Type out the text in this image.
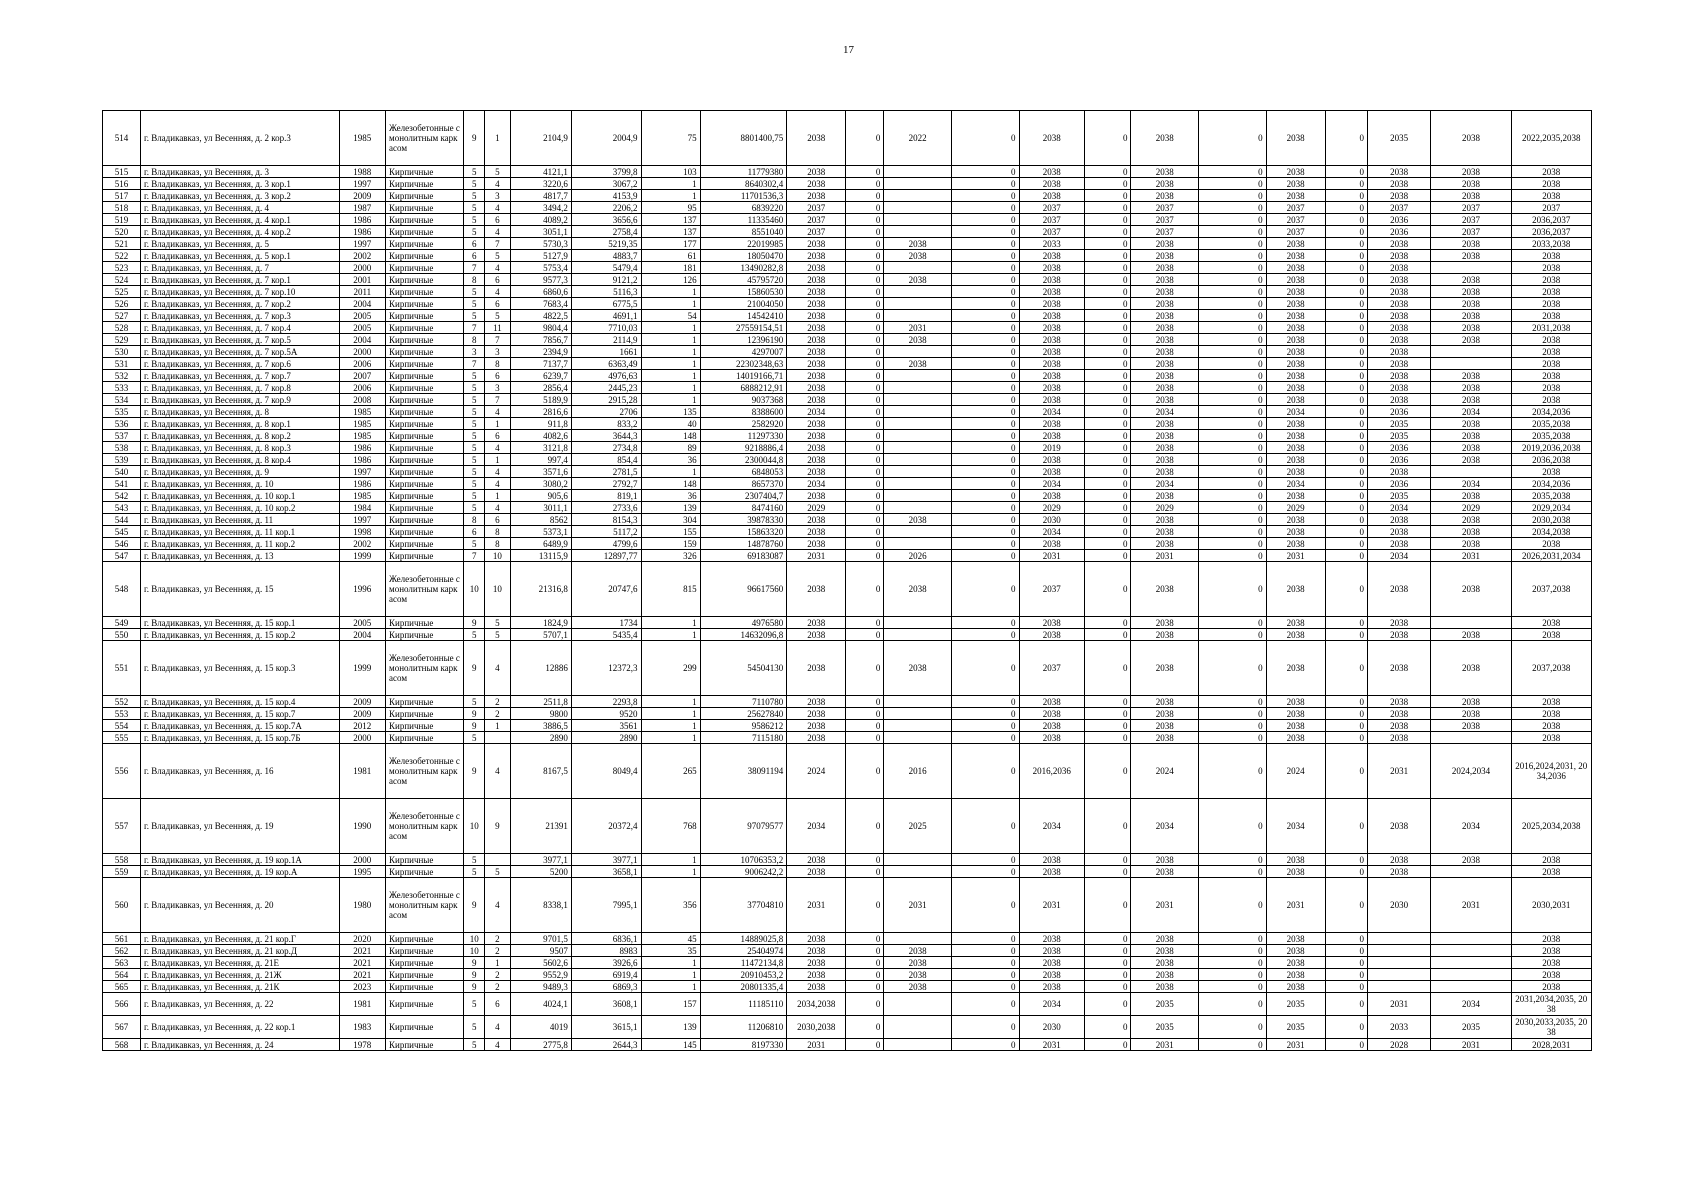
17
514	г. Владикавказ, ул Весенняя, д. 2 кор.3	1985	Железобетонные с монолитным каркасом	9	1	2104,9	2004,9	75	8801400,75	2038	0	2022	0	2038	0	2038	0	2038	0	2035	2038	2022,2035,2038
515	г. Владикавказ, ул Весенняя, д. 3	1988	Кирпичные	5	5	4121,1	3799,8	103	11779380	2038	0		0	2038	0	2038	0	2038	0	2038	2038	2038
516	г. Владикавказ, ул Весенняя, д. 3 кор.1	1997	Кирпичные	5	4	3220,6	3067,2	1	8640302,4	2038	0		0	2038	0	2038	0	2038	0	2038	2038	2038
517	г. Владикавказ, ул Весенняя, д. 3 кор.2	2009	Кирпичные	5	3	4817,7	4153,9	1	11701536,3	2038	0		0	2038	0	2038	0	2038	0	2038	2038	2038
518	г. Владикавказ, ул Весенняя, д. 4	1987	Кирпичные	5	4	3494,2	2206,2	95	6839220	2037	0		0	2037	0	2037	0	2037	0	2037	2037	2037
519	г. Владикавказ, ул Весенняя, д. 4 кор.1	1986	Кирпичные	5	6	4089,2	3656,6	137	11335460	2037	0		0	2037	0	2037	0	2037	0	2036	2037	2036,2037
520	г. Владикавказ, ул Весенняя, д. 4 кор.2	1986	Кирпичные	5	4	3051,1	2758,4	137	8551040	2037	0		0	2037	0	2037	0	2037	0	2036	2037	2036,2037
521	г. Владикавказ, ул Весенняя, д. 5	1997	Кирпичные	6	7	5730,3	5219,35	177	22019985	2038	0	2038	0	2033	0	2038	0	2038	0	2038	2038	2033,2038
522	г. Владикавказ, ул Весенняя, д. 5 кор.1	2002	Кирпичные	6	5	5127,9	4883,7	61	18050470	2038	0	2038	0	2038	0	2038	0	2038	0	2038	2038	2038
523	г. Владикавказ, ул Весенняя, д. 7	2000	Кирпичные	7	4	5753,4	5479,4	181	13490282,8	2038	0		0	2038	0	2038	0	2038	0	2038		2038
524	г. Владикавказ, ул Весенняя, д. 7 кор.1	2001	Кирпичные	8	6	9577,3	9121,2	126	45795720	2038	0	2038	0	2038	0	2038	0	2038	0	2038	2038	2038
525	г. Владикавказ, ул Весенняя, д. 7 кор.10	2011	Кирпичные	5	4	6860,6	5116,3	1	15860530	2038	0		0	2038	0	2038	0	2038	0	2038	2038	2038
526	г. Владикавказ, ул Весенняя, д. 7 кор.2	2004	Кирпичные	5	6	7683,4	6775,5	1	21004050	2038	0		0	2038	0	2038	0	2038	0	2038	2038	2038
527	г. Владикавказ, ул Весенняя, д. 7 кор.3	2005	Кирпичные	5	5	4822,5	4691,1	54	14542410	2038	0		0	2038	0	2038	0	2038	0	2038	2038	2038
528	г. Владикавказ, ул Весенняя, д. 7 кор.4	2005	Кирпичные	7	11	9804,4	7710,03	1	27559154,51	2038	0	2031	0	2038	0	2038	0	2038	0	2038	2038	2031,2038
529	г. Владикавказ, ул Весенняя, д. 7 кор.5	2004	Кирпичные	8	7	7856,7	2114,9	1	12396190	2038	0	2038	0	2038	0	2038	0	2038	0	2038	2038	2038
530	г. Владикавказ, ул Весенняя, д. 7 кор.5А	2000	Кирпичные	3	3	2394,9	1661	1	4297007	2038	0		0	2038	0	2038	0	2038	0	2038		2038
531	г. Владикавказ, ул Весенняя, д. 7 кор.6	2006	Кирпичные	7	8	7137,7	6363,49	1	22302348,63	2038	0	2038	0	2038	0	2038	0	2038	0	2038		2038
532	г. Владикавказ, ул Весенняя, д. 7 кор.7	2007	Кирпичные	5	6	6239,7	4976,63	1	14019166,71	2038	0		0	2038	0	2038	0	2038	0	2038	2038	2038
533	г. Владикавказ, ул Весенняя, д. 7 кор.8	2006	Кирпичные	5	3	2856,4	2445,23	1	6888212,91	2038	0		0	2038	0	2038	0	2038	0	2038	2038	2038
534	г. Владикавказ, ул Весенняя, д. 7 кор.9	2008	Кирпичные	5	7	5189,9	2915,28	1	9037368	2038	0		0	2038	0	2038	0	2038	0	2038	2038	2038
535	г. Владикавказ, ул Весенняя, д. 8	1985	Кирпичные	5	4	2816,6	2706	135	8388600	2034	0		0	2034	0	2034	0	2034	0	2036	2034	2034,2036
536	г. Владикавказ, ул Весенняя, д. 8 кор.1	1985	Кирпичные	5	1	911,8	833,2	40	2582920	2038	0		0	2038	0	2038	0	2038	0	2035	2038	2035,2038
537	г. Владикавказ, ул Весенняя, д. 8 кор.2	1985	Кирпичные	5	6	4082,6	3644,3	148	11297330	2038	0		0	2038	0	2038	0	2038	0	2035	2038	2035,2038
538	г. Владикавказ, ул Весенняя, д. 8 кор.3	1986	Кирпичные	5	4	3121,8	2734,8	89	9218886,4	2038	0		0	2019	0	2038	0	2038	0	2036	2038	2019,2036,2038
539	г. Владикавказ, ул Весенняя, д. 8 кор.4	1986	Кирпичные	5	1	997,4	854,4	36	2300044,8	2038	0		0	2038	0	2038	0	2038	0	2036	2038	2036,2038
540	г. Владикавказ, ул Весенняя, д. 9	1997	Кирпичные	5	4	3571,6	2781,5	1	6848053	2038	0		0	2038	0	2038	0	2038	0	2038		2038
541	г. Владикавказ, ул Весенняя, д. 10	1986	Кирпичные	5	4	3080,2	2792,7	148	8657370	2034	0		0	2034	0	2034	0	2034	0	2036	2034	2034,2036
542	г. Владикавказ, ул Весенняя, д. 10 кор.1	1985	Кирпичные	5	1	905,6	819,1	36	2307404,7	2038	0		0	2038	0	2038	0	2038	0	2035	2038	2035,2038
543	г. Владикавказ, ул Весенняя, д. 10 кор.2	1984	Кирпичные	5	4	3011,1	2733,6	139	8474160	2029	0		0	2029	0	2029	0	2029	0	2034	2029	2029,2034
544	г. Владикавказ, ул Весенняя, д. 11	1997	Кирпичные	8	6	8562	8154,3	304	39878330	2038	0	2038	0	2030	0	2038	0	2038	0	2038	2038	2030,2038
545	г. Владикавказ, ул Весенняя, д. 11 кор.1	1998	Кирпичные	6	8	5373,1	5117,2	155	15863320	2038	0		0	2034	0	2038	0	2038	0	2038	2038	2034,2038
546	г. Владикавказ, ул Весенняя, д. 11 кор.2	2002	Кирпичные	5	8	6489,9	4799,6	159	14878760	2038	0		0	2038	0	2038	0	2038	0	2038	2038	2038
547	г. Владикавказ, ул Весенняя, д. 13	1999	Кирпичные	7	10	13115,9	12897,77	326	69183087	2031	0	2026	0	2031	0	2031	0	2031	0	2034	2031	2026,2031,2034
548	г. Владикавказ, ул Весенняя, д. 15	1996	Железобетонные с монолитным каркасом	10	10	21316,8	20747,6	815	96617560	2038	0	2038	0	2037	0	2038	0	2038	0	2038	2038	2037,2038
549	г. Владикавказ, ул Весенняя, д. 15 кор.1	2005	Кирпичные	9	5	1824,9	1734	1	4976580	2038	0		0	2038	0	2038	0	2038	0	2038		2038
550	г. Владикавказ, ул Весенняя, д. 15 кор.2	2004	Кирпичные	5	5	5707,1	5435,4	1	14632096,8	2038	0		0	2038	0	2038	0	2038	0	2038	2038	2038
551	г. Владикавказ, ул Весенняя, д. 15 кор.3	1999	Железобетонные с монолитным каркасом	9	4	12886	12372,3	299	54504130	2038	0	2038	0	2037	0	2038	0	2038	0	2038	2038	2037,2038
552	г. Владикавказ, ул Весенняя, д. 15 кор.4	2009	Кирпичные	5	2	2511,8	2293,8	1	7110780	2038	0		0	2038	0	2038	0	2038	0	2038	2038	2038
553	г. Владикавказ, ул Весенняя, д. 15 кор.7	2009	Кирпичные	9	2	9800	9520	1	25627840	2038	0		0	2038	0	2038	0	2038	0	2038	2038	2038
554	г. Владикавказ, ул Весенняя, д. 15 кор.7А	2012	Кирпичные	9	1	3886,5	3561	1	9586212	2038	0		0	2038	0	2038	0	2038	0	2038	2038	2038
555	г. Владикавказ, ул Весенняя, д. 15 кор.7Б	2000	Кирпичные	5		2890	2890	1	7115180	2038	0		0	2038	0	2038	0	2038	0	2038		2038
556	г. Владикавказ, ул Весенняя, д. 16	1981	Железобетонные с монолитным каркасом	9	4	8167,5	8049,4	265	38091194	2024	0	2016	0	2016,2036	0	2024	0	2024	0	2031	2024,2034	2016,2024,2031, 2034,2036
557	г. Владикавказ, ул Весенняя, д. 19	1990	Железобетонные с монолитным каркасом	10	9	21391	20372,4	768	97079577	2034	0	2025	0	2034	0	2034	0	2034	0	2038	2034	2025,2034,2038
558	г. Владикавказ, ул Весенняя, д. 19 кор.1А	2000	Кирпичные	5		3977,1	3977,1	1	10706353,2	2038	0		0	2038	0	2038	0	2038	0	2038	2038	2038
559	г. Владикавказ, ул Весенняя, д. 19 кор.А	1995	Кирпичные	5	5	5200	3658,1	1	9006242,2	2038	0		0	2038	0	2038	0	2038	0	2038		2038
560	г. Владикавказ, ул Весенняя, д. 20	1980	Железобетонные с монолитным каркасом	9	4	8338,1	7995,1	356	37704810	2031	0	2031	0	2031	0	2031	0	2031	0	2030	2031	2030,2031
561	г. Владикавказ, ул Весенняя, д. 21 кор.Г	2020	Кирпичные	10	2	9701,5	6836,1	45	14889025,8	2038	0		0	2038	0	2038	0	2038	0			2038
562	г. Владикавказ, ул Весенняя, д. 21 кор.Д	2021	Кирпичные	10	2	9507	8983	35	25404974	2038	0	2038	0	2038	0	2038	0	2038	0			2038
563	г. Владикавказ, ул Весенняя, д. 21Е	2021	Кирпичные	9	1	5602,6	3926,6	1	11472134,8	2038	0	2038	0	2038	0	2038	0	2038	0			2038
564	г. Владикавказ, ул Весенняя, д. 21Ж	2021	Кирпичные	9	2	9552,9	6919,4	1	20910453,2	2038	0	2038	0	2038	0	2038	0	2038	0			2038
565	г. Владикавказ, ул Весенняя, д. 21К	2023	Кирпичные	9	2	9489,3	6869,3	1	20801335,4	2038	0	2038	0	2038	0	2038	0	2038	0			2038
566	г. Владикавказ, ул Весенняя, д. 22	1981	Кирпичные	5	6	4024,1	3608,1	157	11185110	2034,2038	0		0	2034	0	2035	0	2035	0	2031	2034	2031,2034,2035, 2038
567	г. Владикавказ, ул Весенняя, д. 22 кор.1	1983	Кирпичные	5	4	4019	3615,1	139	11206810	2030,2038	0		0	2030	0	2035	0	2035	0	2033	2035	2030,2033,2035, 2038
568	г. Владикавказ, ул Весенняя, д. 24	1978	Кирпичные	5	4	2775,8	2644,3	145	8197330	2031	0		0	2031	0	2031	0	2031	0	2028	2031	2028,2031
